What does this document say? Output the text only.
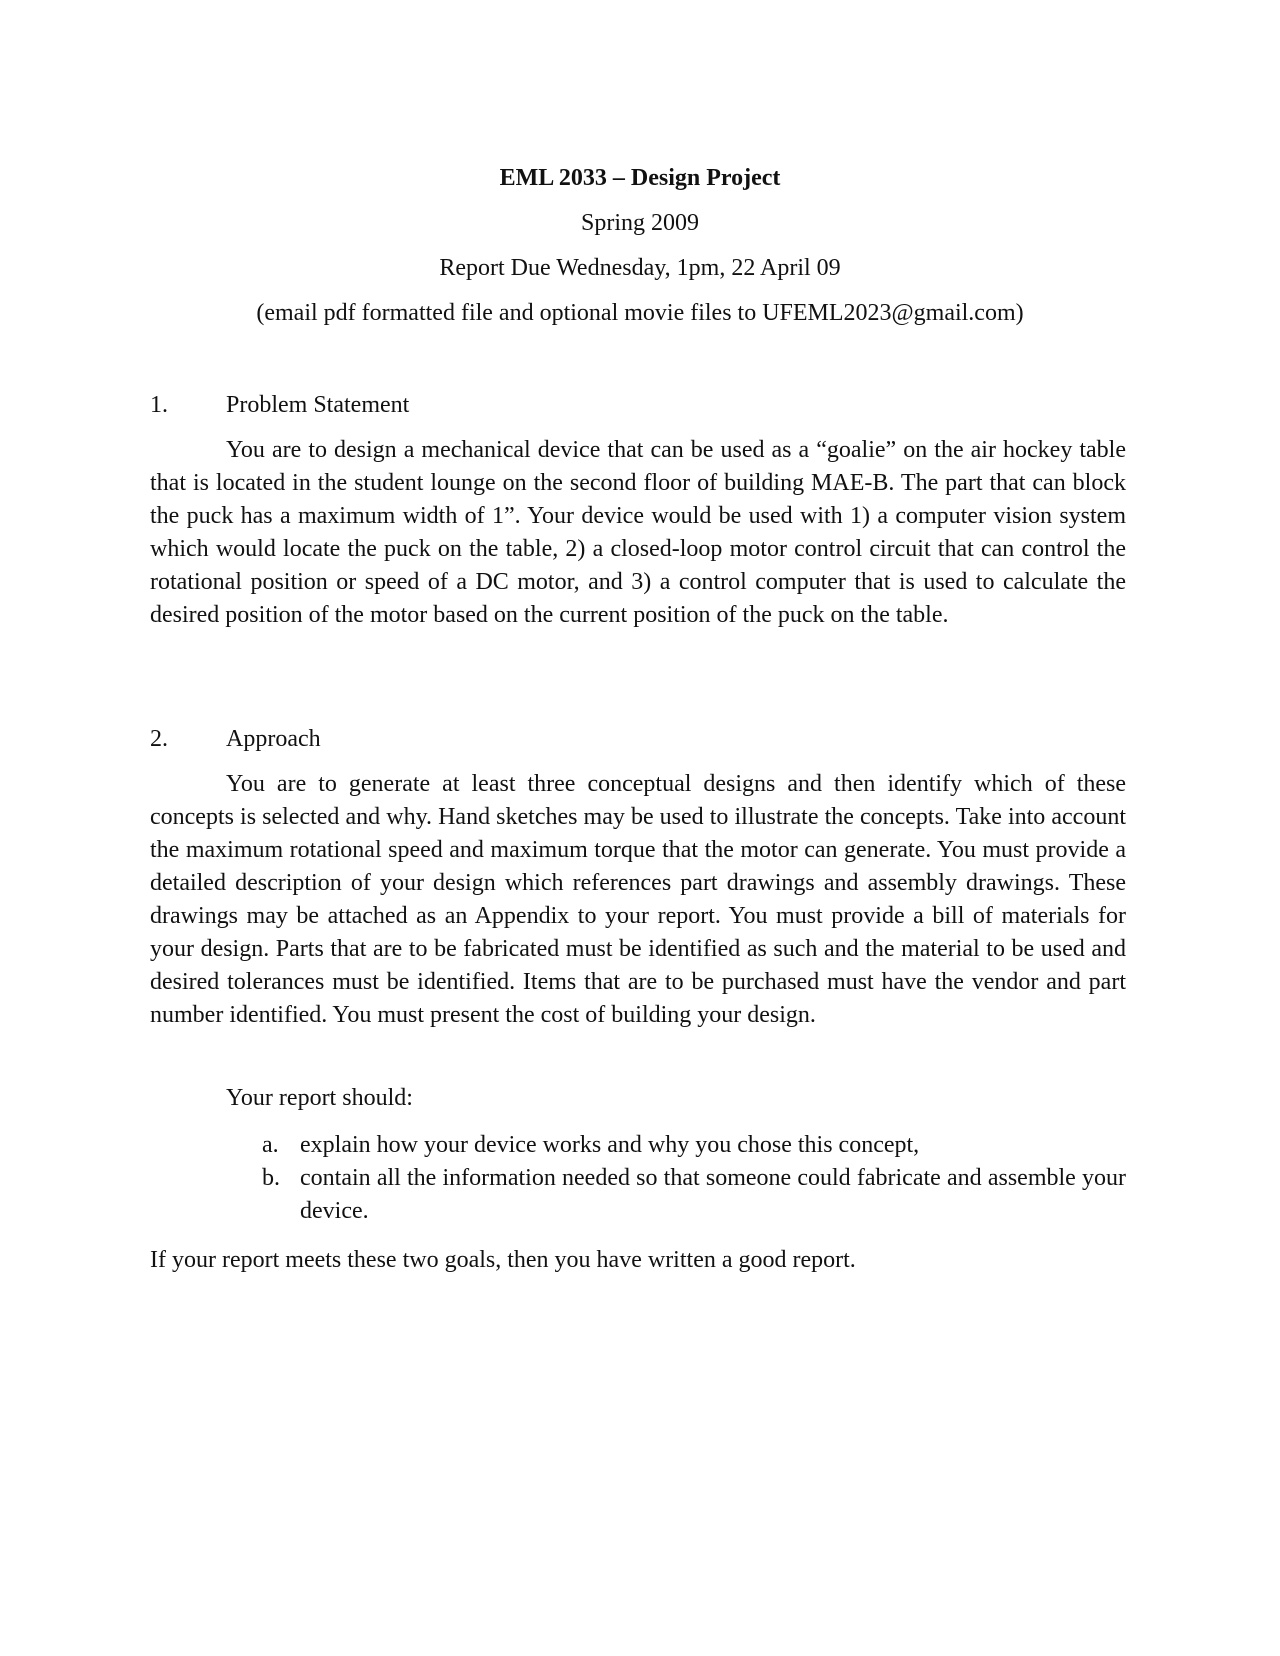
EML 2033 – Design Project
Spring 2009
Report Due Wednesday, 1pm, 22 April 09
(email pdf formatted file and optional movie files to UFEML2023@gmail.com)
1. Problem Statement

You are to design a mechanical device that can be used as a “goalie” on the air hockey table that is located in the student lounge on the second floor of building MAE-B. The part that can block the puck has a maximum width of 1”. Your device would be used with 1) a computer vision system which would locate the puck on the table, 2) a closed-loop motor control circuit that can control the rotational position or speed of a DC motor, and 3) a control computer that is used to calculate the desired position of the motor based on the current position of the puck on the table.

2. Approach

You are to generate at least three conceptual designs and then identify which of these concepts is selected and why. Hand sketches may be used to illustrate the concepts. Take into account the maximum rotational speed and maximum torque that the motor can generate. You must provide a detailed description of your design which references part drawings and assembly drawings. These drawings may be attached as an Appendix to your report. You must provide a bill of materials for your design. Parts that are to be fabricated must be identified as such and the material to be used and desired tolerances must be identified. Items that are to be purchased must have the vendor and part number identified. You must present the cost of building your design.

Your report should:
a. explain how your device works and why you chose this concept,
b. contain all the information needed so that someone could fabricate and assemble your device.
If your report meets these two goals, then you have written a good report.
